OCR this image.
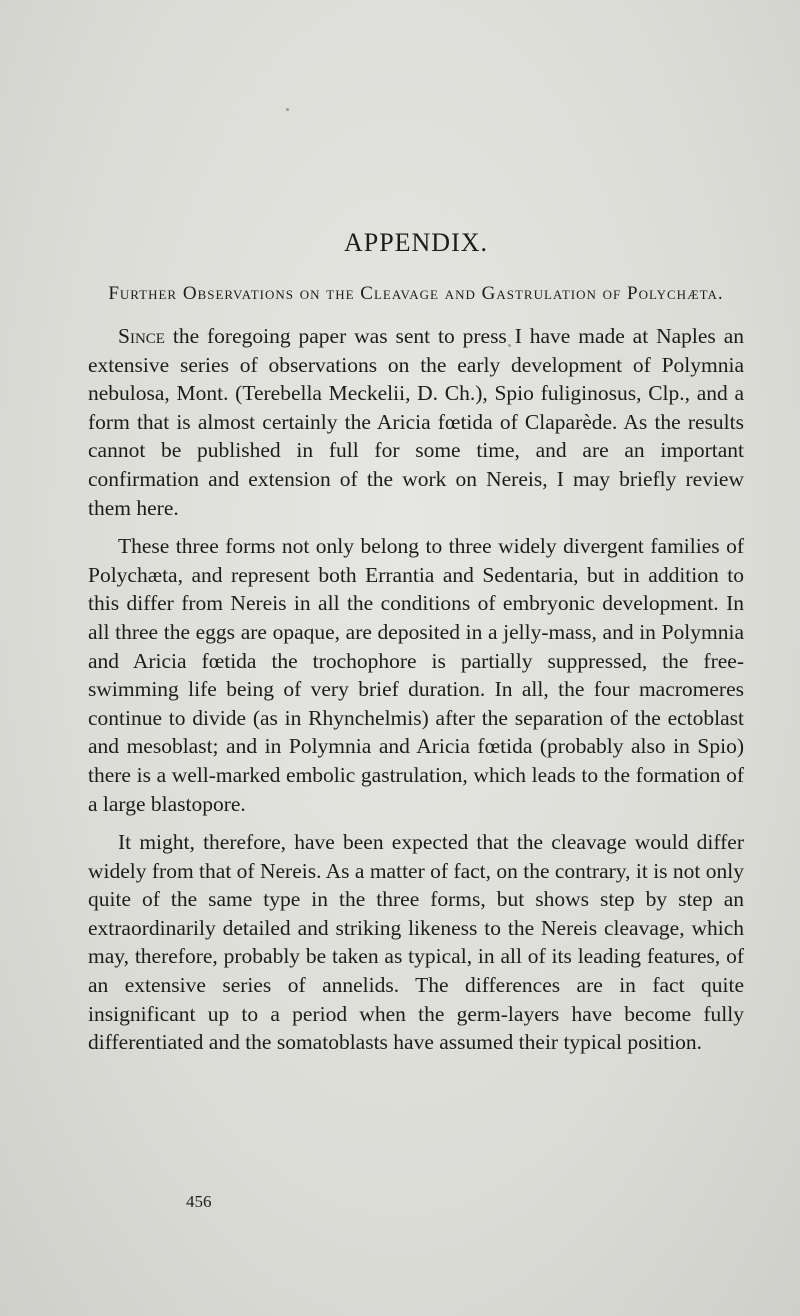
APPENDIX.
Further Observations on the Cleavage and Gastrulation of Polychæta.

Since the foregoing paper was sent to press I have made at Naples an extensive series of observations on the early development of Polymnia nebulosa, Mont. (Terebella Meckelii, D. Ch.), Spio fuliginosus, Clp., and a form that is almost certainly the Aricia fœtida of Claparède. As the results cannot be published in full for some time, and are an important confirmation and extension of the work on Nereis, I may briefly review them here.

These three forms not only belong to three widely divergent families of Polychæta, and represent both Errantia and Sedentaria, but in addition to this differ from Nereis in all the conditions of embryonic development. In all three the eggs are opaque, are deposited in a jelly-mass, and in Polymnia and Aricia fœtida the trochophore is partially suppressed, the free-swimming life being of very brief duration. In all, the four macromeres continue to divide (as in Rhynchelmis) after the separation of the ectoblast and mesoblast; and in Polymnia and Aricia fœtida (probably also in Spio) there is a well-marked embolic gastrulation, which leads to the formation of a large blastopore.

It might, therefore, have been expected that the cleavage would differ widely from that of Nereis. As a matter of fact, on the contrary, it is not only quite of the same type in the three forms, but shows step by step an extraordinarily detailed and striking likeness to the Nereis cleavage, which may, therefore, probably be taken as typical, in all of its leading features, of an extensive series of annelids. The differences are in fact quite insignificant up to a period when the germ-layers have become fully differentiated and the somatoblasts have assumed their typical position.

456
